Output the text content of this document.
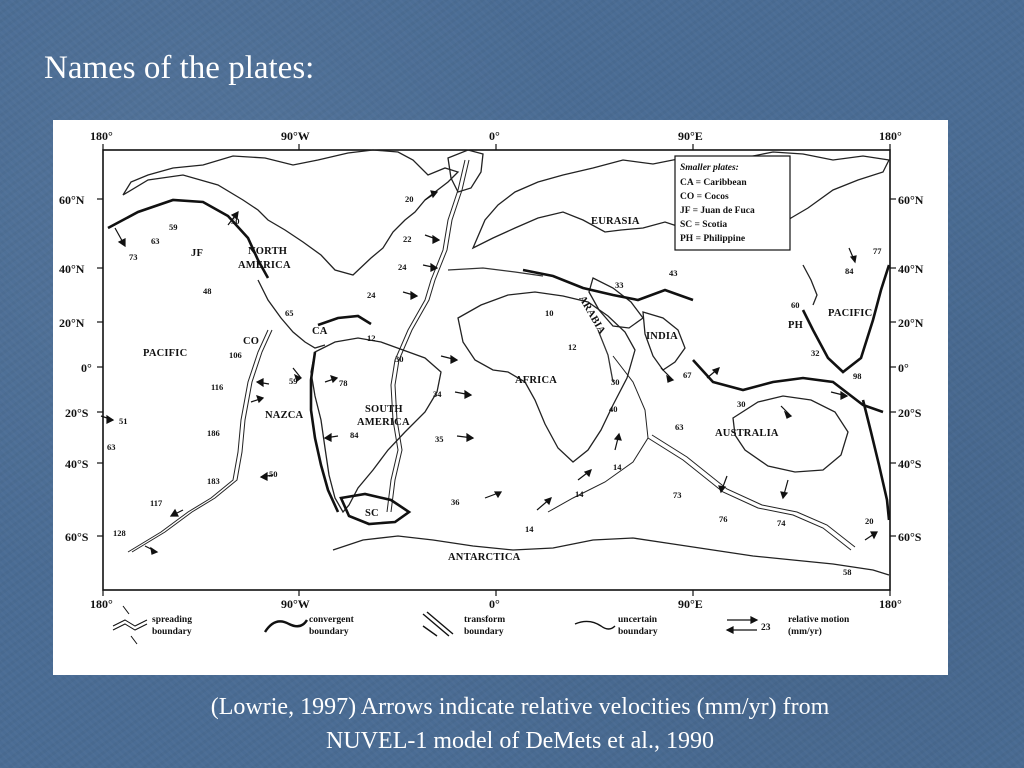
Names of the plates:
180°	90°W	0°	90°E	180°
180°	90°W	0°	90°E	180°
60°N
40°N
20°N
0°
20°S
40°S
60°S
60°N
40°N
20°N
0°
20°S
40°S
60°S
Smaller plates:
CA = Caribbean
CO = Cocos
JF = Juan de Fuca
SC = Scotia
PH = Philippine
EURASIA
NORTH
AMERICA
PACIFIC
PACIFIC
NAZCA
SOUTH
AMERICA
AFRICA
INDIA
AUSTRALIA
ANTARCTICA
ARABIA
CA
CO
JF
SC
PH
73
63
59
50
48
20
22
24
24
30
34
35
36
14
14
14
12
10
12
33
43	84
77
60
32
98
67
30
40	30
63
73
76	74	20
58
65
106
116
186
183
117
128
59	78
84
50
51
63
spreading
boundary
convergent
boundary
transform
boundary
uncertain
boundary	23
relative motion
(mm/yr)
(Lowrie, 1997) Arrows indicate relative velocities (mm/yr) from
NUVEL-1 model of DeMets et al., 1990
